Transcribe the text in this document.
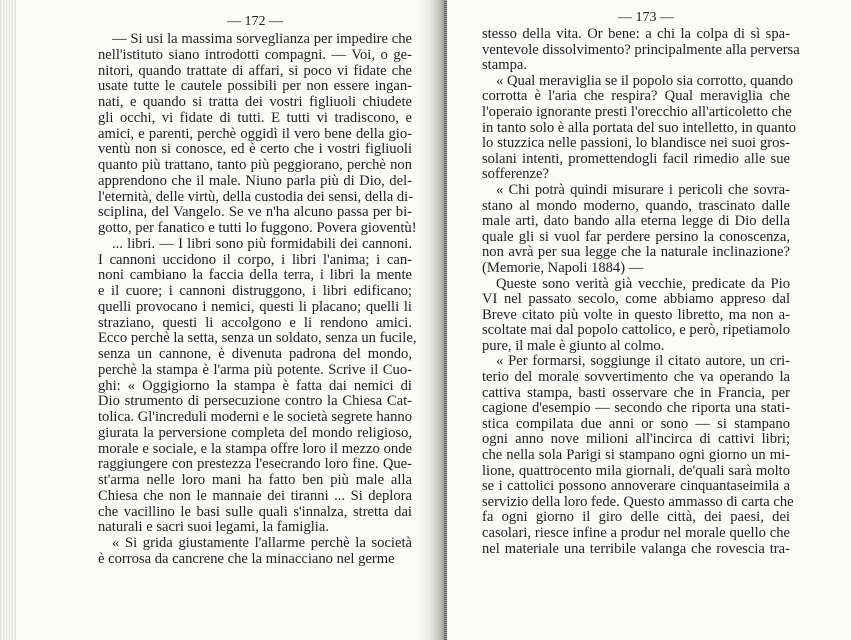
— 172 —
— Si usi la massima sorveglianza per impedire che
nell'istituto siano introdotti compagni. — Voi, o ge-
nitori, quando trattate di affari, si poco vi fidate che
usate tutte le cautele possibili per non essere ingan-
nati, e quando si tratta dei vostri figliuoli chiudete
gli occhi, vi fidate di tutti. E tutti vi tradiscono, e
amici, e parenti, perchè oggidì il vero bene della gio-
ventù non si conosce, ed è certo che i vostri figliuoli
quanto più trattano, tanto più peggiorano, perchè non
apprendono che il male. Niuno parla più di Dio, del-
l'eternità, delle virtù, della custodia dei sensi, della di-
sciplina, del Vangelo. Se ve n'ha alcuno passa per bi-
gotto, per fanatico e tutti lo fuggono. Povera gioventù!
... libri. — I libri sono più formidabili dei cannoni.
I cannoni uccidono il corpo, i libri l'anima; i can-
noni cambiano la faccia della terra, i libri la mente
e il cuore; i cannoni distruggono, i libri edificano;
quelli provocano i nemici, questi li placano; quelli li
straziano, questi li accolgono e li rendono amici.
Ecco perchè la setta, senza un soldato, senza un fucile,
senza un cannone, è divenuta padrona del mondo,
perchè la stampa è l'arma più potente. Scrive il Cuo-
ghi: « Oggigiorno la stampa è fatta dai nemici di
Dio strumento di persecuzione contro la Chiesa Cat-
tolica. Gl'increduli moderni e le società segrete hanno
giurata la perversione completa del mondo religioso,
morale e sociale, e la stampa offre loro il mezzo onde
raggiungere con prestezza l'esecrando loro fine. Que-
st'arma nelle loro mani ha fatto ben più male alla
Chiesa che non le mannaie dei tiranni ... Si deplora
che vacillino le basi sulle quali s'innalza, stretta dai
naturali e sacri suoi legami, la famiglia.
« Si grida giustamente l'allarme perchè la società
è corrosa da cancrene che la minacciano nel germe
— 173 —
stesso della vita. Or bene: a chi la colpa di sì spa-
ventevole dissolvimento? principalmente alla perversa
stampa.
« Qual meraviglia se il popolo sia corrotto, quando
corrotta è l'aria che respira? Qual meraviglia che
l'operaio ignorante presti l'orecchio all'articoletto che
in tanto solo è alla portata del suo intelletto, in quanto
lo stuzzica nelle passioni, lo blandisce nei suoi gros-
solani intenti, promettendogli facil rimedio alle sue
sofferenze?
« Chi potrà quindi misurare i pericoli che sovra-
stano al mondo moderno, quando, trascinato dalle
male arti, dato bando alla eterna legge di Dio della
quale gli si vuol far perdere persino la conoscenza,
non avrà per sua legge che la naturale inclinazione?
(Memorie, Napoli 1884) —
Queste sono verità già vecchie, predicate da Pio
VI nel passato secolo, come abbiamo appreso dal
Breve citato più volte in questo libretto, ma non a-
scoltate mai dal popolo cattolico, e però, ripetiamolo
pure, il male è giunto al colmo.
« Per formarsi, soggiunge il citato autore, un cri-
terio del morale sovvertimento che va operando la
cattiva stampa, basti osservare che in Francia, per
cagione d'esempio — secondo che riporta una stati-
stica compilata due anni or sono — si stampano
ogni anno nove milioni all'incirca di cattivi libri;
che nella sola Parigi si stampano ogni giorno un mi-
lione, quattrocento mila giornali, de'quali sarà molto
se i cattolici possono annoverare cinquantaseimila a
servizio della loro fede. Questo ammasso di carta che
fa ogni giorno il giro delle città, dei paesi, dei
casolari, riesce infine a produr nel morale quello che
nel materiale una terribile valanga che rovescia tra-
